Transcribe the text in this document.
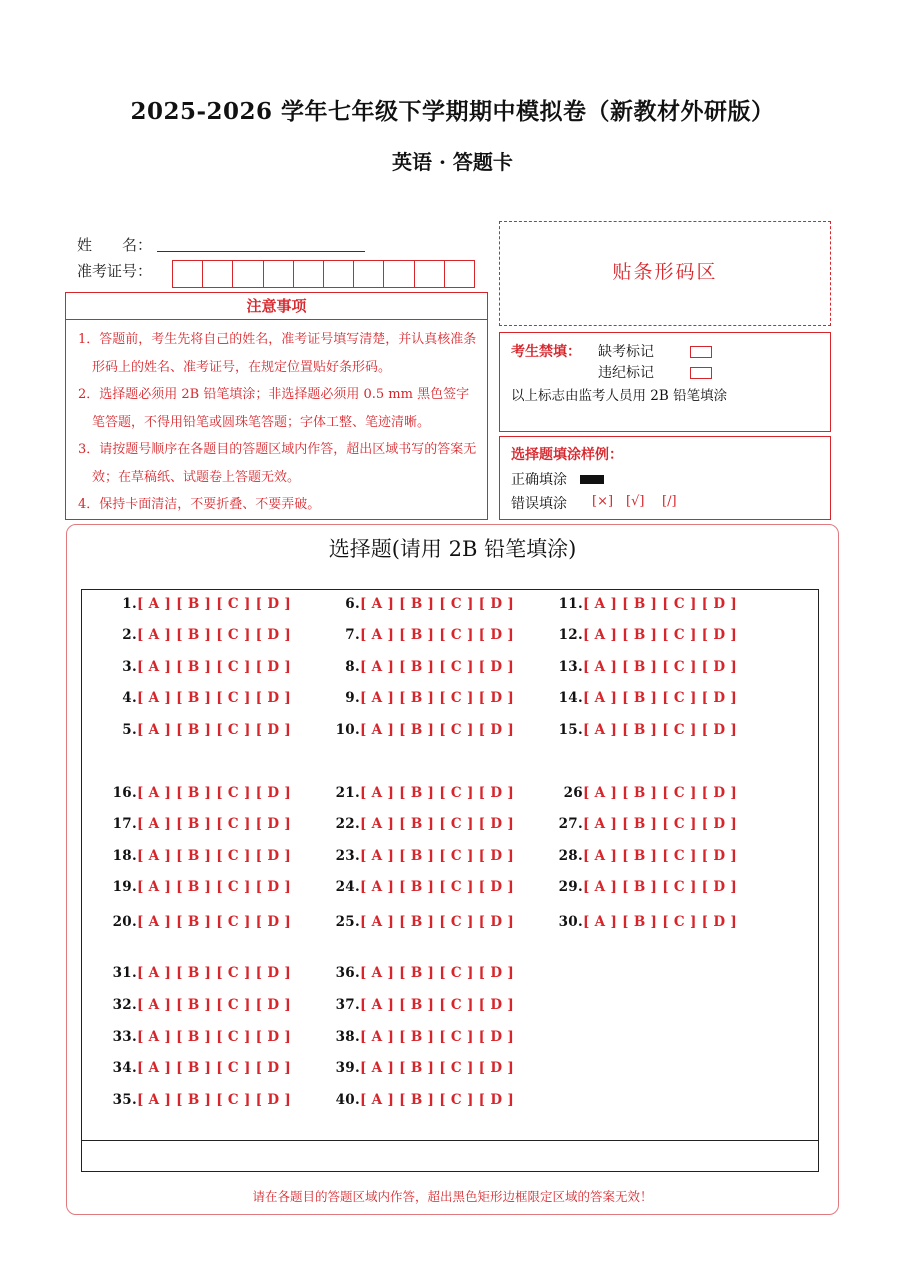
2025-2026 学年七年级下学期期中模拟卷（新教材外研版）
英语 · 答题卡
姓　　名：
准考证号：	贴条形码区
注意事项

1．答题前，考生先将自己的姓名，准考证号填写清楚，并认真核准条形码上的姓名、准考证号，在规定位置贴好条形码。

2．选择题必须用 2B 铅笔填涂；非选择题必须用 0.5 mm 黑色签字笔答题，不得用铅笔或圆珠笔答题；字体工整、笔迹清晰。

3．请按题号顺序在各题目的答题区域内作答，超出区域书写的答案无效；在草稿纸、试题卷上答题无效。

4．保持卡面清洁，不要折叠、不要弄破。

考生禁填： 缺考标记
违纪标记
以上标志由监考人员用 2B 铅笔填涂
选择题填涂样例：
正确填涂
错误填涂 [×] [√] [/]
选择题(请用 2B 铅笔填涂)
1. [ A ] [ B ] [ C ] [ D ]
2. [ A ] [ B ] [ C ] [ D ]
3. [ A ] [ B ] [ C ] [ D ]
4. [ A ] [ B ] [ C ] [ D ]
5. [ A ] [ B ] [ C ] [ D ]
6. [ A ] [ B ] [ C ] [ D ]
7. [ A ] [ B ] [ C ] [ D ]
8. [ A ] [ B ] [ C ] [ D ]
9. [ A ] [ B ] [ C ] [ D ]
10. [ A ] [ B ] [ C ] [ D ]
11. [ A ] [ B ] [ C ] [ D ]
12. [ A ] [ B ] [ C ] [ D ]
13. [ A ] [ B ] [ C ] [ D ]
14. [ A ] [ B ] [ C ] [ D ]
15. [ A ] [ B ] [ C ] [ D ]
16. [ A ] [ B ] [ C ] [ D ]
17. [ A ] [ B ] [ C ] [ D ]
18. [ A ] [ B ] [ C ] [ D ]
19. [ A ] [ B ] [ C ] [ D ]
20. [ A ] [ B ] [ C ] [ D ]
21. [ A ] [ B ] [ C ] [ D ]
22. [ A ] [ B ] [ C ] [ D ]
23. [ A ] [ B ] [ C ] [ D ]
24. [ A ] [ B ] [ C ] [ D ]
25. [ A ] [ B ] [ C ] [ D ]
26 [ A ] [ B ] [ C ] [ D ]
27. [ A ] [ B ] [ C ] [ D ]
28. [ A ] [ B ] [ C ] [ D ]
29. [ A ] [ B ] [ C ] [ D ]
30. [ A ] [ B ] [ C ] [ D ]
31. [ A ] [ B ] [ C ] [ D ]
32. [ A ] [ B ] [ C ] [ D ]
33. [ A ] [ B ] [ C ] [ D ]
34. [ A ] [ B ] [ C ] [ D ]
35. [ A ] [ B ] [ C ] [ D ]
36. [ A ] [ B ] [ C ] [ D ]
37. [ A ] [ B ] [ C ] [ D ]
38. [ A ] [ B ] [ C ] [ D ]
39. [ A ] [ B ] [ C ] [ D ]
40. [ A ] [ B ] [ C ] [ D ]
请在各题目的答题区域内作答，超出黑色矩形边框限定区域的答案无效！
